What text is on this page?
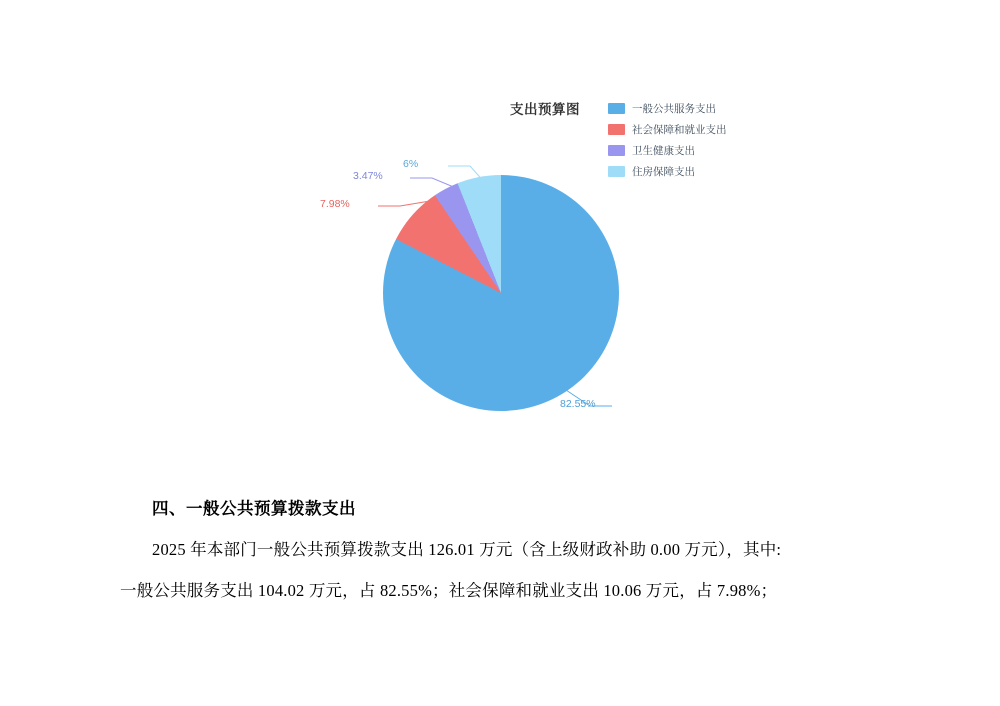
支出预算图	一般公共服务支出
社会保障和就业支出
卫生健康支出
住房保障支出
6%
3.47%
7.98%
82.55%
四、一般公共预算拨款支出
2025 年本部门一般公共预算拨款支出 126.01 万元（含上级财政补助 0.00 万元），其中:
一般公共服务支出 104.02 万元，占 82.55%；社会保障和就业支出 10.06 万元，占 7.98%；
